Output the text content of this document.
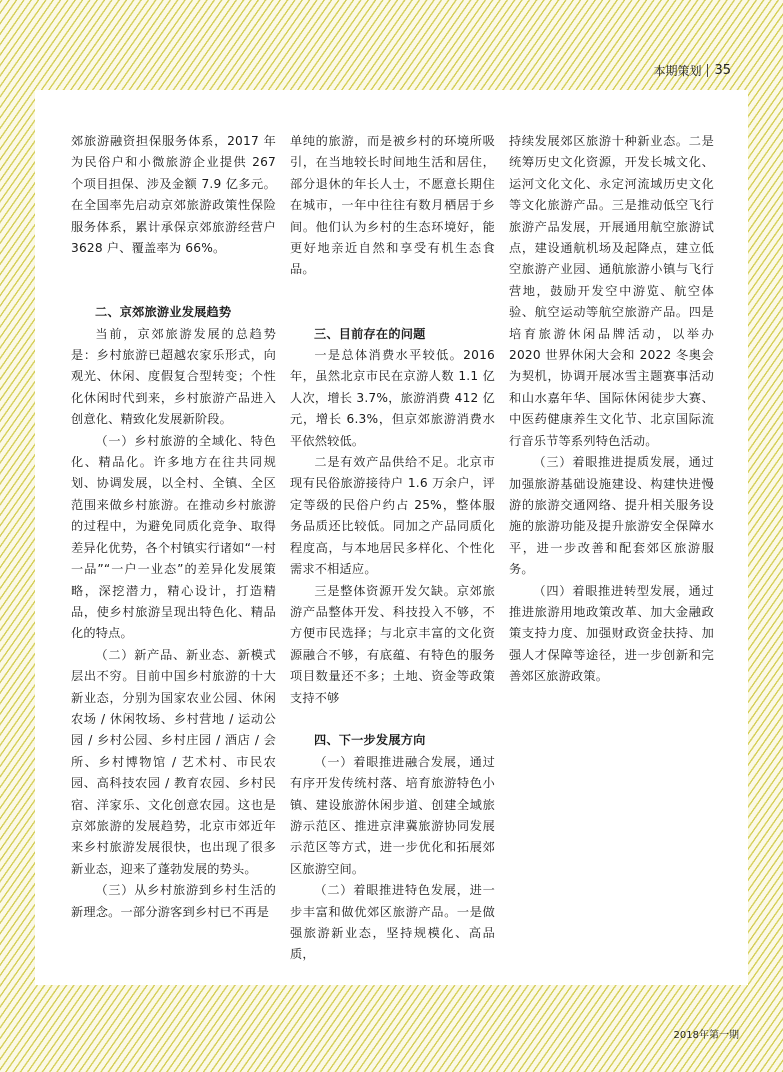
本期策划 35

郊旅游融资担保服务体系，2017 年为民俗户和小微旅游企业提供 267 个项目担保、涉及金额 7.9 亿多元。在全国率先启动京郊旅游政策性保险服务体系，累计承保京郊旅游经营户 3628 户、覆盖率为 66%。

二、京郊旅游业发展趋势

当前，京郊旅游发展的总趋势是：乡村旅游已超越农家乐形式，向观光、休闲、度假复合型转变；个性化休闲时代到来，乡村旅游产品进入创意化、精致化发展新阶段。

（一）乡村旅游的全域化、特色化、精品化。许多地方在往共同规划、协调发展，以全村、全镇、全区范围来做乡村旅游。在推动乡村旅游的过程中，为避免同质化竞争、取得差异化优势，各个村镇实行诸如“一村一品”“一户一业态”的差异化发展策略，深挖潜力，精心设计，打造精品，使乡村旅游呈现出特色化、精品化的特点。

（二）新产品、新业态、新模式层出不穷。目前中国乡村旅游的十大新业态，分别为国家农业公园、休闲农场 / 休闲牧场、乡村营地 / 运动公园 / 乡村公园、乡村庄园 / 酒店 / 会所、乡村博物馆 / 艺术村、市民农园、高科技农园 / 教育农园、乡村民宿、洋家乐、文化创意农园。这也是京郊旅游的发展趋势，北京市郊近年来乡村旅游发展很快，也出现了很多新业态，迎来了蓬勃发展的势头。

（三）从乡村旅游到乡村生活的新理念。一部分游客到乡村已不再是

单纯的旅游，而是被乡村的环境所吸引，在当地较长时间地生活和居住，部分退休的年长人士，不愿意长期住在城市，一年中往往有数月栖居于乡间。他们认为乡村的生态环境好，能更好地亲近自然和享受有机生态食品。

三、目前存在的问题

一是总体消费水平较低。2016 年，虽然北京市民在京游人数 1.1 亿人次，增长 3.7%，旅游消费 412 亿元，增长 6.3%，但京郊旅游消费水平依然较低。

二是有效产品供给不足。北京市现有民俗旅游接待户 1.6 万余户，评定等级的民俗户约占 25%，整体服务品质还比较低。同加之产品同质化程度高，与本地居民多样化、个性化需求不相适应。

三是整体资源开发欠缺。京郊旅游产品整体开发、科技投入不够，不方便市民选择；与北京丰富的文化资源融合不够，有底蕴、有特色的服务项目数量还不多；土地、资金等政策支持不够

四、下一步发展方向

（一）着眼推进融合发展，通过有序开发传统村落、培育旅游特色小镇、建设旅游休闲步道、创建全域旅游示范区、推进京津冀旅游协同发展示范区等方式，进一步优化和拓展郊区旅游空间。

（二）着眼推进特色发展，进一步丰富和做优郊区旅游产品。一是做强旅游新业态，坚持规模化、高品质，

持续发展郊区旅游十种新业态。二是统筹历史文化资源，开发长城文化、运河文化文化、永定河流域历史文化等文化旅游产品。三是推动低空飞行旅游产品发展，开展通用航空旅游试点，建设通航机场及起降点，建立低空旅游产业园、通航旅游小镇与飞行营地，鼓励开发空中游览、航空体验、航空运动等航空旅游产品。四是培育旅游休闲品牌活动，以举办 2020 世界休闲大会和 2022 冬奥会为契机，协调开展冰雪主题赛事活动和山水嘉年华、国际休闲徒步大赛、中医药健康养生文化节、北京国际流行音乐节等系列特色活动。

（三）着眼推进提质发展，通过加强旅游基础设施建设、构建快进慢游的旅游交通网络、提升相关服务设施的旅游功能及提升旅游安全保障水平，进一步改善和配套郊区旅游服务。

（四）着眼推进转型发展，通过推进旅游用地政策改革、加大金融政策支持力度、加强财政资金扶持、加强人才保障等途径，进一步创新和完善郊区旅游政策。

2018年第一期
